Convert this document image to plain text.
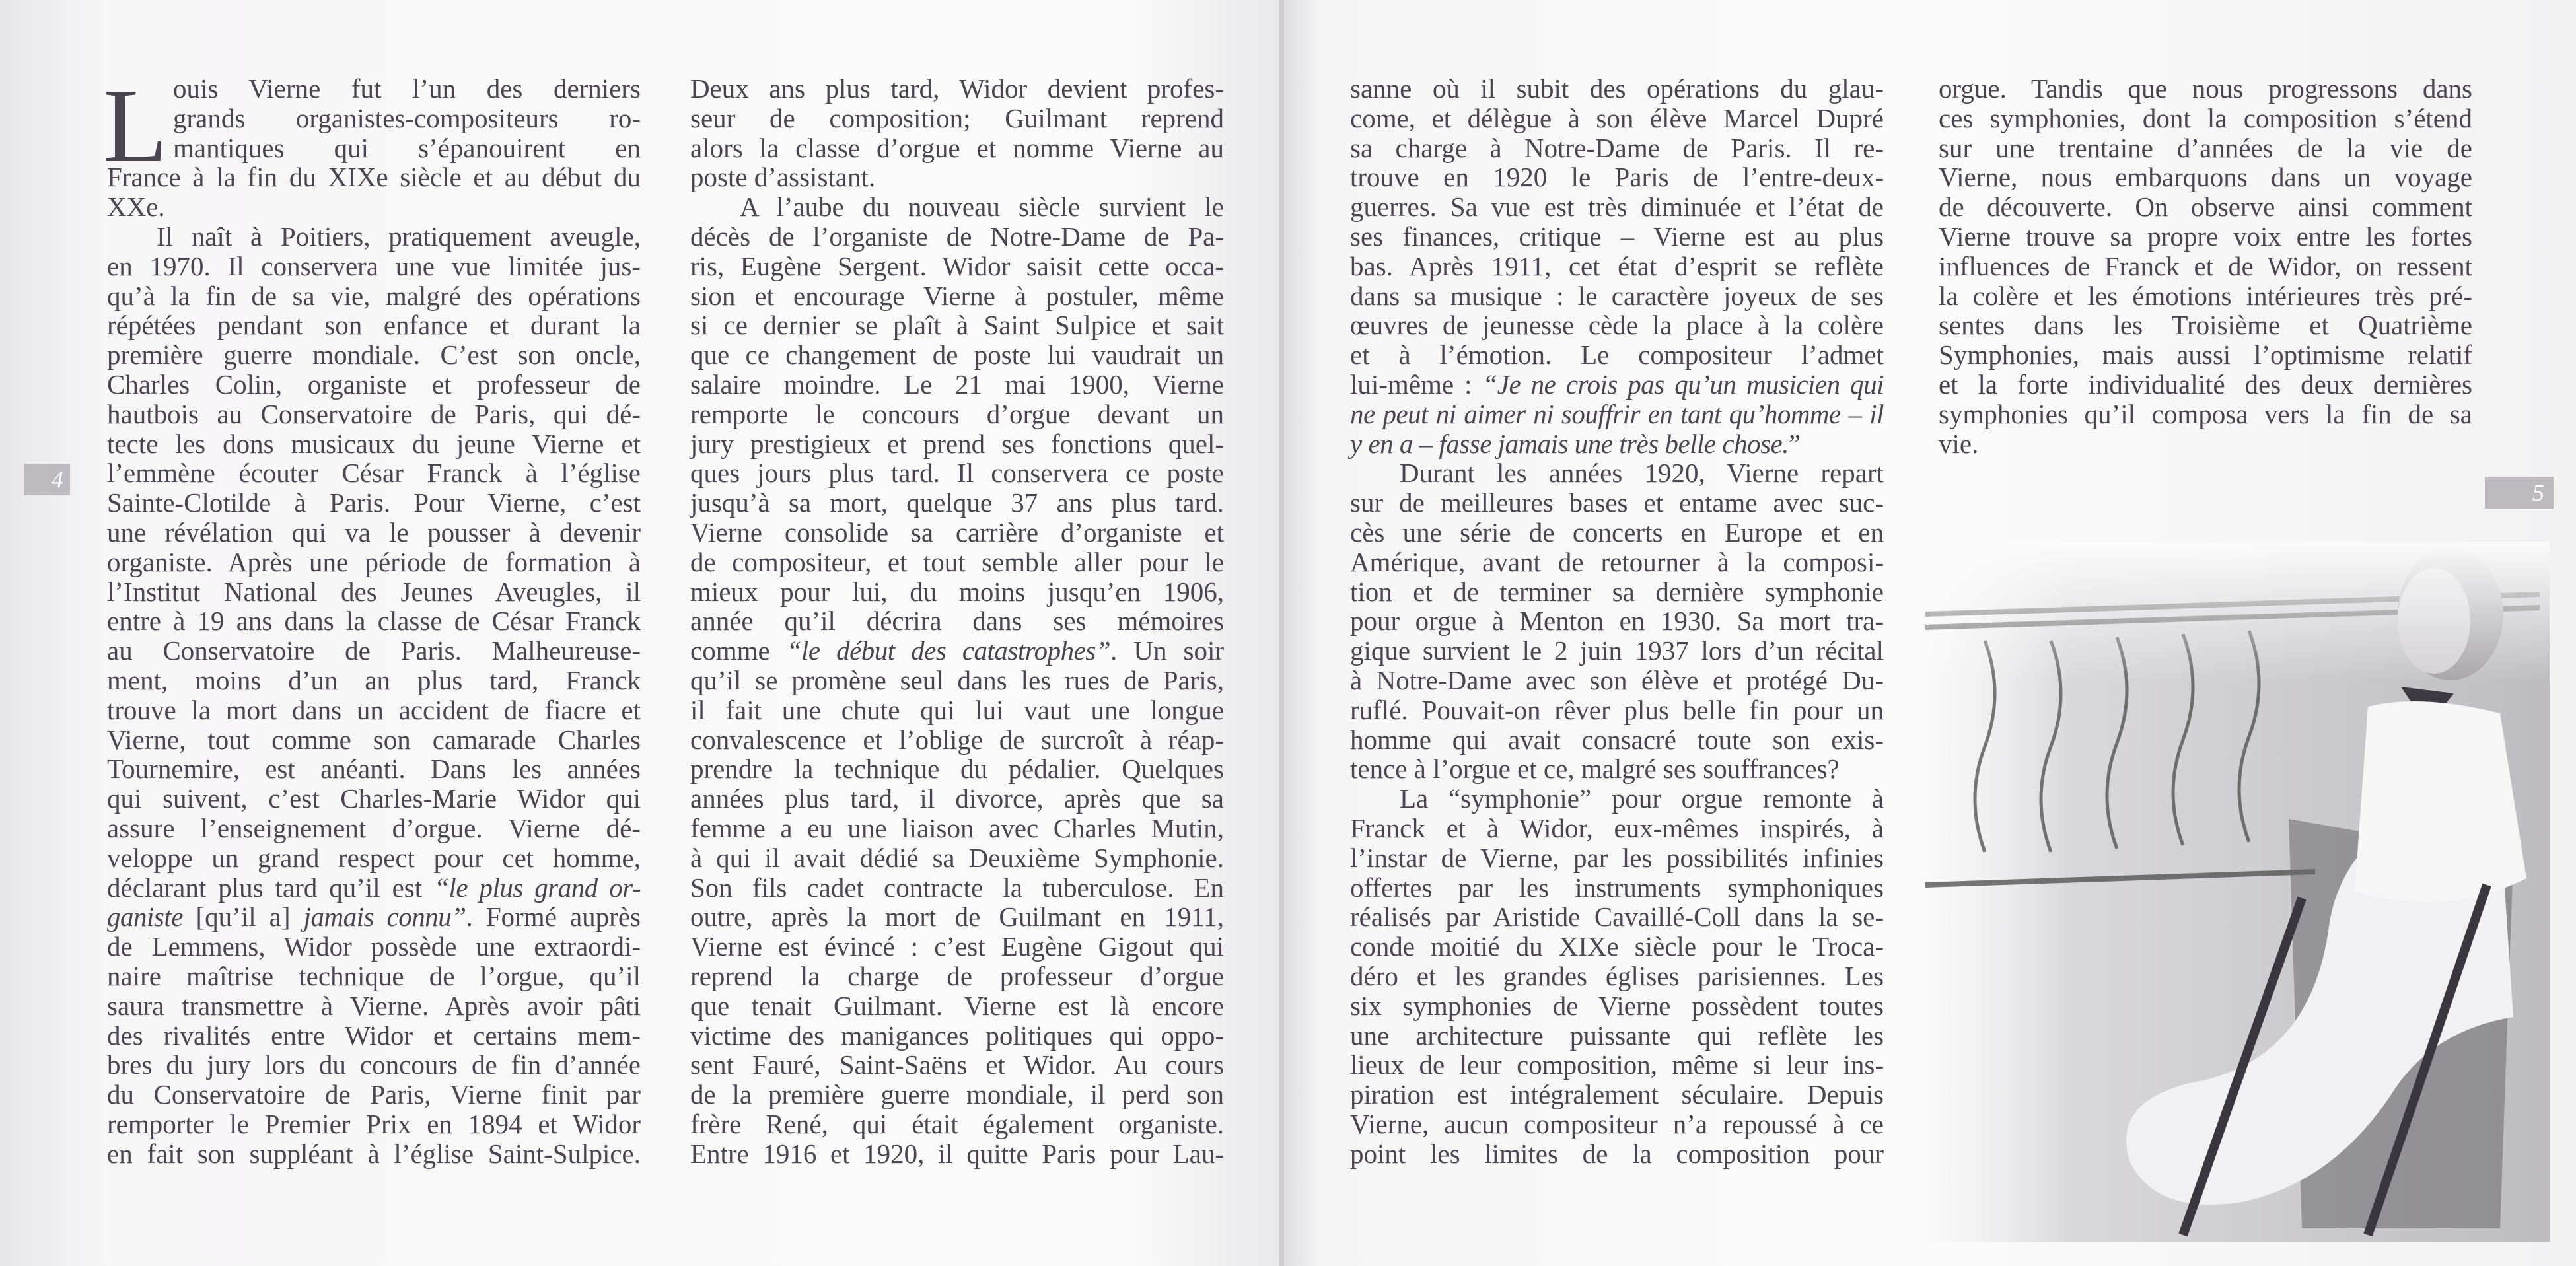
4	5
L ouis Vierne fut l’un des derniers
grands organistes-compositeurs ro-
mantiques qui s’épanouirent en
France à la fin du XIXe siècle et au début du
XXe.
Il naît à Poitiers, pratiquement aveugle,
en 1970. Il conservera une vue limitée jus-
qu’à la fin de sa vie, malgré des opérations
répétées pendant son enfance et durant la
première guerre mondiale. C’est son oncle,
Charles Colin, organiste et professeur de
hautbois au Conservatoire de Paris, qui dé-
tecte les dons musicaux du jeune Vierne et
l’emmène écouter César Franck à l’église
Sainte-Clotilde à Paris. Pour Vierne, c’est
une révélation qui va le pousser à devenir
organiste. Après une période de formation à
l’Institut National des Jeunes Aveugles, il
entre à 19 ans dans la classe de César Franck
au Conservatoire de Paris. Malheureuse-
ment, moins d’un an plus tard, Franck
trouve la mort dans un accident de fiacre et
Vierne, tout comme son camarade Charles
Tournemire, est anéanti. Dans les années
qui suivent, c’est Charles-Marie Widor qui
assure l’enseignement d’orgue. Vierne dé-
veloppe un grand respect pour cet homme,
déclarant plus tard qu’il est “le plus grand or-
ganiste [qu’il a] jamais connu”. Formé auprès
de Lemmens, Widor possède une extraordi-
naire maîtrise technique de l’orgue, qu’il
saura transmettre à Vierne. Après avoir pâti
des rivalités entre Widor et certains mem-
bres du jury lors du concours de fin d’année
du Conservatoire de Paris, Vierne finit par
remporter le Premier Prix en 1894 et Widor
en fait son suppléant à l’église Saint-Sulpice.
Deux ans plus tard, Widor devient profes-
seur de composition; Guilmant reprend
alors la classe d’orgue et nomme Vierne au
poste d’assistant.
A l’aube du nouveau siècle survient le
décès de l’organiste de Notre-Dame de Pa-
ris, Eugène Sergent. Widor saisit cette occa-
sion et encourage Vierne à postuler, même
si ce dernier se plaît à Saint Sulpice et sait
que ce changement de poste lui vaudrait un
salaire moindre. Le 21 mai 1900, Vierne
remporte le concours d’orgue devant un
jury prestigieux et prend ses fonctions quel-
ques jours plus tard. Il conservera ce poste
jusqu’à sa mort, quelque 37 ans plus tard.
Vierne consolide sa carrière d’organiste et
de compositeur, et tout semble aller pour le
mieux pour lui, du moins jusqu’en 1906,
année qu’il décrira dans ses mémoires
comme “le début des catastrophes”. Un soir
qu’il se promène seul dans les rues de Paris,
il fait une chute qui lui vaut une longue
convalescence et l’oblige de surcroît à réap-
prendre la technique du pédalier. Quelques
années plus tard, il divorce, après que sa
femme a eu une liaison avec Charles Mutin,
à qui il avait dédié sa Deuxième Symphonie.
Son fils cadet contracte la tuberculose. En
outre, après la mort de Guilmant en 1911,
Vierne est évincé : c’est Eugène Gigout qui
reprend la charge de professeur d’orgue
que tenait Guilmant. Vierne est là encore
victime des manigances politiques qui oppo-
sent Fauré, Saint-Saëns et Widor. Au cours
de la première guerre mondiale, il perd son
frère René, qui était également organiste.
Entre 1916 et 1920, il quitte Paris pour Lau-
sanne où il subit des opérations du glau-
come, et délègue à son élève Marcel Dupré
sa charge à Notre-Dame de Paris. Il re-
trouve en 1920 le Paris de l’entre-deux-
guerres. Sa vue est très diminuée et l’état de
ses finances, critique – Vierne est au plus
bas. Après 1911, cet état d’esprit se reflète
dans sa musique : le caractère joyeux de ses
œuvres de jeunesse cède la place à la colère
et à l’émotion. Le compositeur l’admet
lui-même : “Je ne crois pas qu’un musicien qui
ne peut ni aimer ni souffrir en tant qu’homme – il
y en a – fasse jamais une très belle chose.”
Durant les années 1920, Vierne repart
sur de meilleures bases et entame avec suc-
cès une série de concerts en Europe et en
Amérique, avant de retourner à la composi-
tion et de terminer sa dernière symphonie
pour orgue à Menton en 1930. Sa mort tra-
gique survient le 2 juin 1937 lors d’un récital
à Notre-Dame avec son élève et protégé Du-
ruflé. Pouvait-on rêver plus belle fin pour un
homme qui avait consacré toute son exis-
tence à l’orgue et ce, malgré ses souffrances?
La “symphonie” pour orgue remonte à
Franck et à Widor, eux-mêmes inspirés, à
l’instar de Vierne, par les possibilités infinies
offertes par les instruments symphoniques
réalisés par Aristide Cavaillé-Coll dans la se-
conde moitié du XIXe siècle pour le Troca-
déro et les grandes églises parisiennes. Les
six symphonies de Vierne possèdent toutes
une architecture puissante qui reflète les
lieux de leur composition, même si leur ins-
piration est intégralement séculaire. Depuis
Vierne, aucun compositeur n’a repoussé à ce
point les limites de la composition pour
orgue. Tandis que nous progressons dans
ces symphonies, dont la composition s’étend
sur une trentaine d’années de la vie de
Vierne, nous embarquons dans un voyage
de découverte. On observe ainsi comment
Vierne trouve sa propre voix entre les fortes
influences de Franck et de Widor, on ressent
la colère et les émotions intérieures très pré-
sentes dans les Troisième et Quatrième
Symphonies, mais aussi l’optimisme relatif
et la forte individualité des deux dernières
symphonies qu’il composa vers la fin de sa
vie.
